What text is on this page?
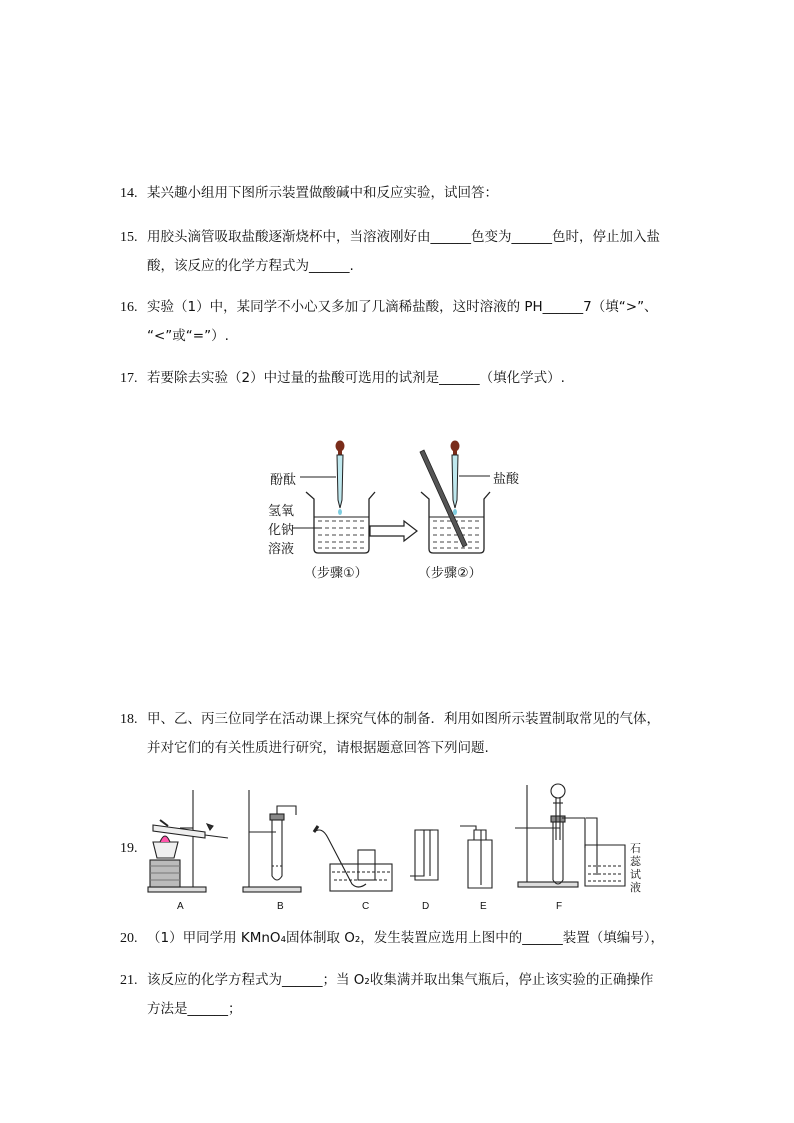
14. 某兴趣小组用下图所示装置做酸碱中和反应实验，试回答：
15. 用胶头滴管吸取盐酸逐渐烧杯中，当溶液刚好由______色变为______色时，停止加入盐
酸，该反应的化学方程式为______.
16. 实验（1）中，某同学不小心又多加了几滴稀盐酸，这时溶液的 PH______7（填“>”、
“<”或“=”）.
17. 若要除去实验（2）中过量的盐酸可选用的试剂是______（填化学式）.
酚酞
氢氧
化钠
溶液
盐酸
（步骤①）	（步骤②）
18. 甲、乙、丙三位同学在活动课上探究气体的制备．利用如图所示装置制取常见的气体，
并对它们的有关性质进行研究，请根据题意回答下列问题.
19.
A	B	C	D	E	F
石
蕊
试
液
20. （1）甲同学用 KMnO₄固体制取 O₂，发生装置应选用上图中的______装置（填编号），
21. 该反应的化学方程式为______；当 O₂收集满并取出集气瓶后，停止该实验的正确操作
方法是______；
